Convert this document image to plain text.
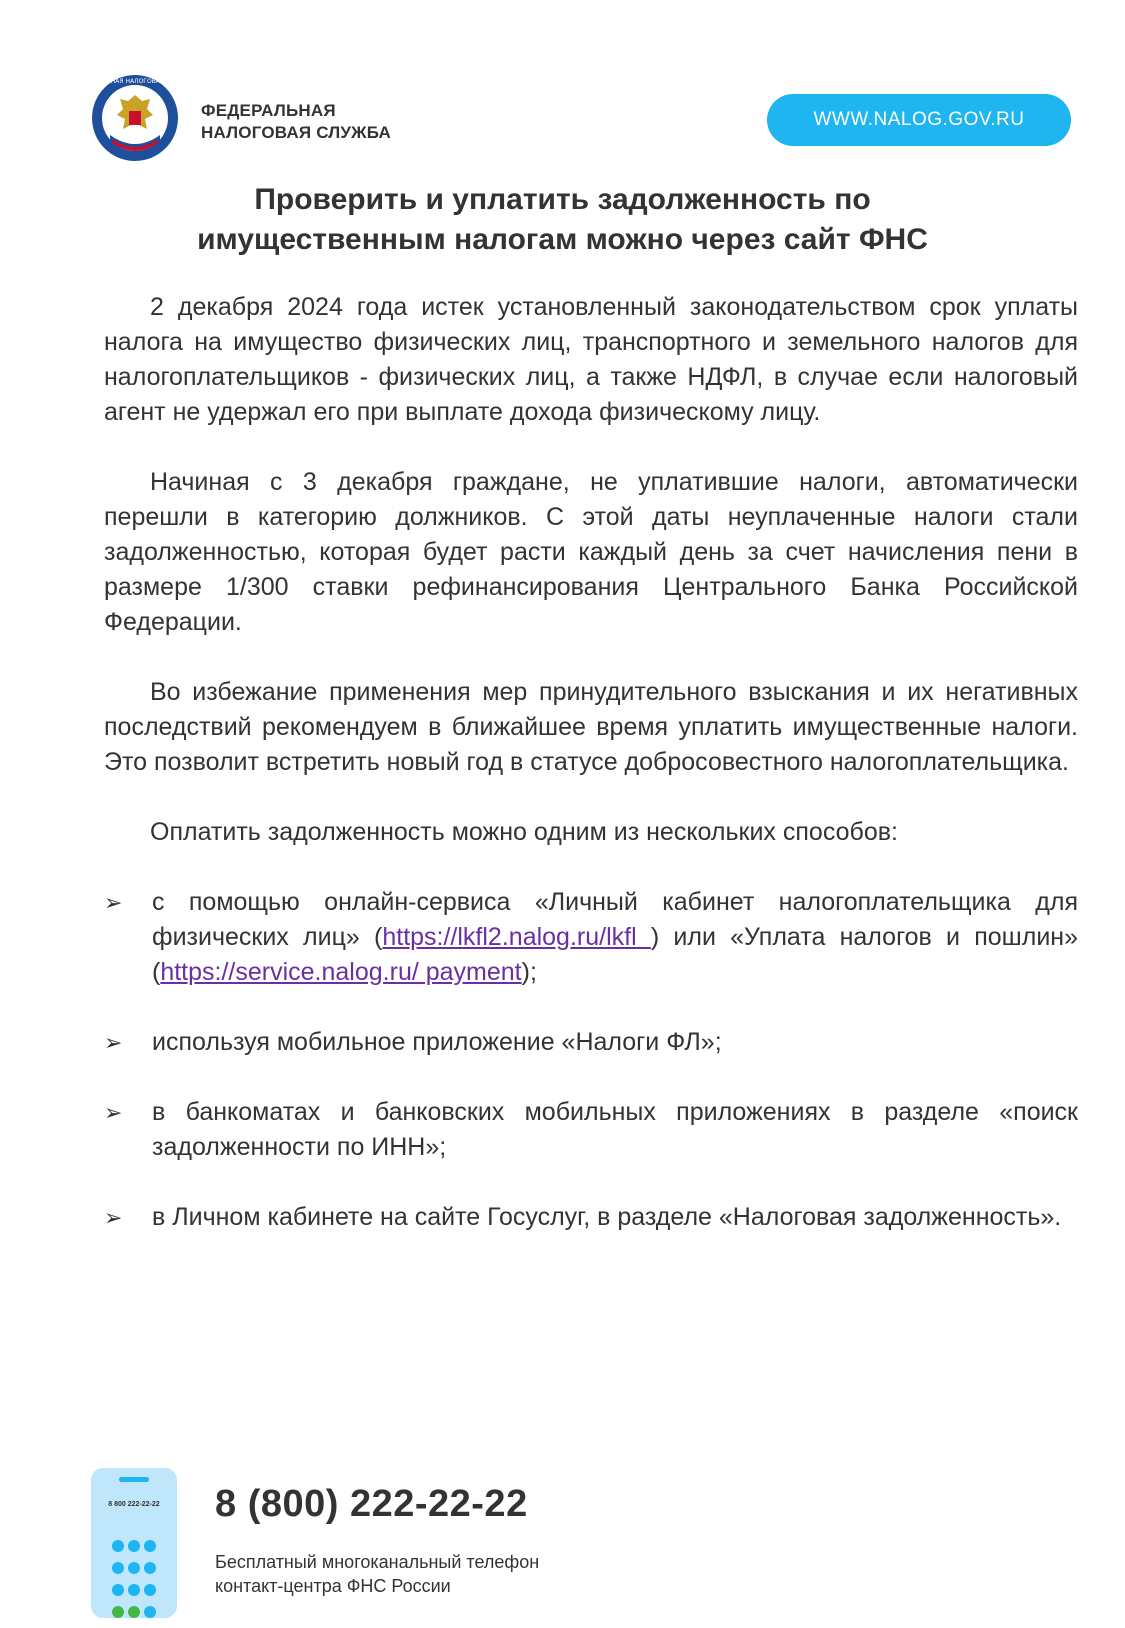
ФЕДЕРАЛЬНАЯ НАЛОГОВАЯ СЛУЖБА
ФЕДЕРАЛЬНАЯ
НАЛОГОВАЯ СЛУЖБА
WWW.NALOG.GOV.RU
Проверить и уплатить задолженность по
имущественным налогам можно через сайт ФНС

2 декабря 2024 года истек установленный законодательством срок уплаты налога на имущество физических лиц, транспортного и земельного налогов для налогоплательщиков - физических лиц, а также НДФЛ, в случае если налоговый агент не удержал его при выплате дохода физическому лицу.

Начиная с 3 декабря граждане, не уплатившие налоги, автоматически перешли в категорию должников. С этой даты неуплаченные налоги стали задолженностью, которая будет расти каждый день за счет начисления пени в размере 1/300 ставки рефинансирования Центрального Банка Российской Федерации.

Во избежание применения мер принудительного взыскания и их негативных последствий рекомендуем в ближайшее время уплатить имущественные налоги. Это позволит встретить новый год в статусе добросовестного налогоплательщика.

Оплатить задолженность можно одним из нескольких способов:

➢	с помощью онлайн-сервиса «Личный кабинет налогоплательщика для физических лиц» (https://lkfl2.nalog.ru/lkfl ) или «Уплата налогов и пошлин» (https://service.nalog.ru/ payment);
➢	используя мобильное приложение «Налоги ФЛ»;
➢	в банкоматах и банковских мобильных приложениях в разделе «поиск задолженности по ИНН»;
➢	в Личном кабинете на сайте Госуслуг, в разделе «Налоговая задолженность».
8 800 222-22-22
	8 (800) 222-22-22
Бесплатный многоканальный телефон
контакт-центра ФНС России
